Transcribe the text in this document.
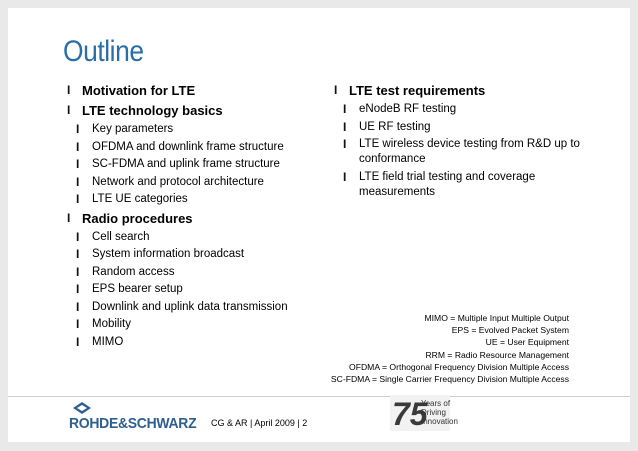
Outline
I Motivation for LTE
I LTE technology basics
I Key parameters
I OFDMA and downlink frame structure
I SC-FDMA and uplink frame structure
I Network and protocol architecture
I LTE UE categories
I Radio procedures
I Cell search
I System information broadcast
I Random access
I EPS bearer setup
I Downlink and uplink data transmission
I Mobility
I MIMO
I LTE test requirements
I eNodeB RF testing
I UE RF testing
I LTE wireless device testing from R&D up to conformance
I LTE field trial testing and coverage measurements
MIMO = Multiple Input Multiple Output
EPS = Evolved Packet System
UE = User Equipment
RRM = Radio Resource Management
OFDMA = Orthogonal Frequency Division Multiple Access
SC-FDMA = Single Carrier Frequency Division Multiple Access
ROHDE&SCHWARZ CG & AR | April 2009 | 2	75
Years of
Driving
Innovation
